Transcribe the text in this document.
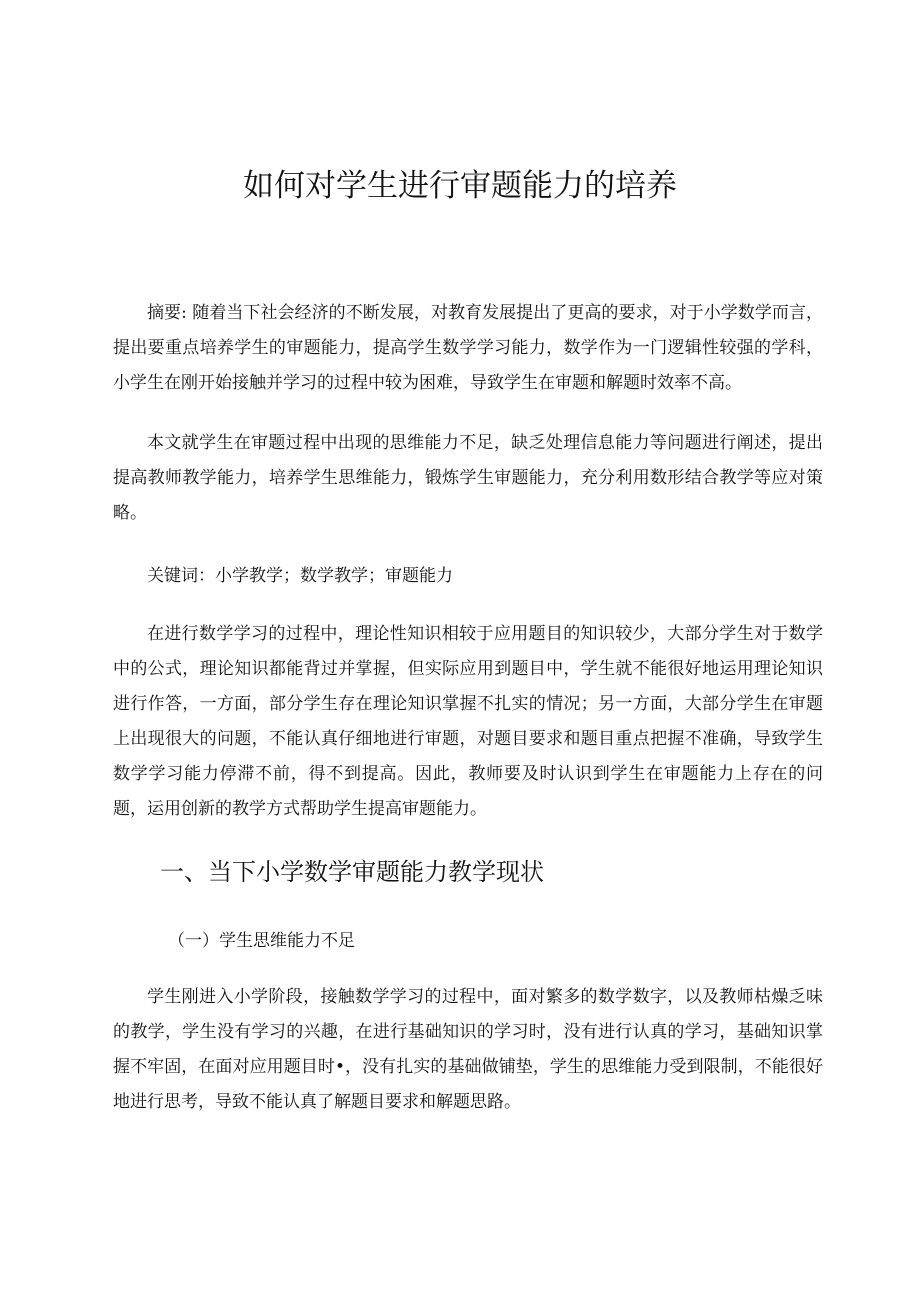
如何对学生进行审题能力的培养

摘要: 随着当下社会经济的不断发展，对教育发展提出了更高的要求，对于小学数学而言，提出要重点培养学生的审题能力，提高学生数学学习能力，数学作为一门逻辑性较强的学科，小学生在刚开始接触并学习的过程中较为困难，导致学生在审题和解题时效率不高。

本文就学生在审题过程中出现的思维能力不足，缺乏处理信息能力等问题进行阐述，提出提高教师教学能力，培养学生思维能力，锻炼学生审题能力，充分利用数形结合教学等应对策略。

关键词：小学教学；数学教学；审题能力

在进行数学学习的过程中，理论性知识相较于应用题目的知识较少，大部分学生对于数学中的公式，理论知识都能背过并掌握，但实际应用到题目中，学生就不能很好地运用理论知识进行作答，一方面，部分学生存在理论知识掌握不扎实的情况；另一方面，大部分学生在审题上出现很大的问题，不能认真仔细地进行审题，对题目要求和题目重点把握不准确，导致学生数学学习能力停滞不前，得不到提高。因此，教师要及时认识到学生在审题能力上存在的问题，运用创新的教学方式帮助学生提高审题能力。

一、当下小学数学审题能力教学现状
（一）学生思维能力不足

学生刚进入小学阶段，接触数学学习的过程中，面对繁多的数学数字，以及教师枯燥乏味的教学，学生没有学习的兴趣，在进行基础知识的学习时，没有进行认真的学习，基础知识掌握不牢固，在面对应用题目时•，没有扎实的基础做铺垫，学生的思维能力受到限制，不能很好地进行思考，导致不能认真了解题目要求和解题思路。
